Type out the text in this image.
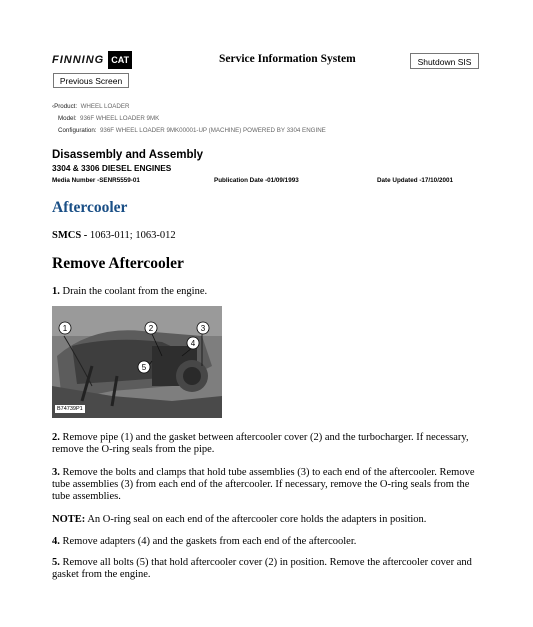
FINNING CAT
Previous Screen
Service Information System	Shutdown SIS
‹Product: WHEEL LOADER
Model: 936F WHEEL LOADER 9MK
Configuration: 936F WHEEL LOADER 9MK00001-UP (MACHINE) POWERED BY 3304 ENGINE
Disassembly and Assembly
3304 & 3306 DIESEL ENGINES
Media Number -SENR5559-01	Publication Date -01/09/1993	Date Updated -17/10/2001
Aftercooler
SMCS - 1063-011; 1063-012
Remove Aftercooler
1. Drain the coolant from the engine.
1	2	3
4
5
B74739P1
2. Remove pipe (1) and the gasket between aftercooler cover (2) and the turbocharger. If necessary, remove the O-ring seals from the pipe.
3. Remove the bolts and clamps that hold tube assemblies (3) to each end of the aftercooler. Remove tube assemblies (3) from each end of the aftercooler. If necessary, remove the O-ring seals from the tube assemblies.
NOTE: An O-ring seal on each end of the aftercooler core holds the adapters in position.
4. Remove adapters (4) and the gaskets from each end of the aftercooler.
5. Remove all bolts (5) that hold aftercooler cover (2) in position. Remove the aftercooler cover and gasket from the engine.
